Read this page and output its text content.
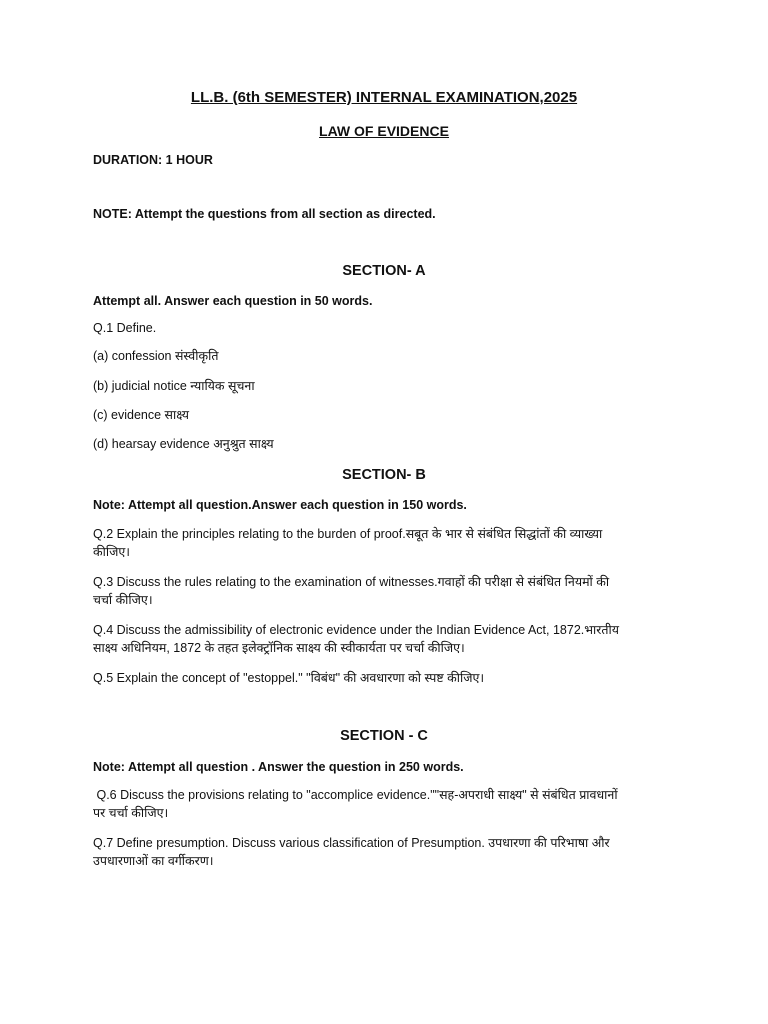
LL.B. (6th SEMESTER) INTERNAL EXAMINATION,2025

LAW OF EVIDENCE

DURATION: 1 HOUR

NOTE: Attempt the questions from all section as directed.

SECTION- A

Attempt all. Answer each question in 50 words.

Q.1 Define.

(a) confession संस्वीकृति

(b) judicial notice न्यायिक सूचना

(c) evidence साक्ष्य

(d) hearsay evidence अनुश्रुत साक्ष्य

SECTION- B

Note: Attempt all question.Answer each question in 150 words.

Q.2 Explain the principles relating to the burden of proof.सबूत के भार से संबंधित सिद्धांतों की व्याख्या

कीजिए।

Q.3 Discuss the rules relating to the examination of witnesses.गवाहों की परीक्षा से संबंधित नियमों की

चर्चा कीजिए।

Q.4 Discuss the admissibility of electronic evidence under the Indian Evidence Act, 1872.भारतीय

साक्ष्य अधिनियम, 1872 के तहत इलेक्ट्रॉनिक साक्ष्य की स्वीकार्यता पर चर्चा कीजिए।

Q.5 Explain the concept of "estoppel." "विबंध" की अवधारणा को स्पष्ट कीजिए।

SECTION - C

Note: Attempt all question . Answer the question in 250 words.

Q.6 Discuss the provisions relating to "accomplice evidence.""सह-अपराधी साक्ष्य" से संबंधित प्रावधानों

पर चर्चा कीजिए।

Q.7 Define presumption. Discuss various classification of Presumption. उपधारणा की परिभाषा और

उपधारणाओं का वर्गीकरण।
